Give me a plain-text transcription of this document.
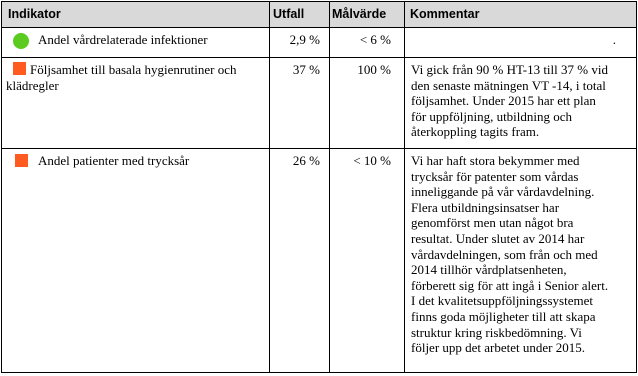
Indikator	Utfall	Målvärde	Kommentar

Andel vårdrelaterade infektioner	2,9 %	< 6 %	.

Följsamhet till basala hygienrutiner och klädregler	37 %	100 %	Vi gick från 90 % HT-13 till 37 % vid den senaste mätningen VT -14, i total följsamhet. Under 2015 har ett plan för uppföljning, utbildning och återkoppling tagits fram.

Andel patienter med trycksår	26 %	< 10 %	Vi har haft stora bekymmer med trycksår för patenter som vårdas inneliggande på vår vårdavdelning. Flera utbildningsinsatser har genomförst men utan något bra resultat. Under slutet av 2014 har vårdavdelningen, som från och med 2014 tillhör vårdplatsenheten, förberett sig för att ingå i Senior alert. I det kvalitetsuppföljningssystemet finns goda möjligheter till att skapa struktur kring riskbedömning. Vi följer upp det arbetet under 2015.
